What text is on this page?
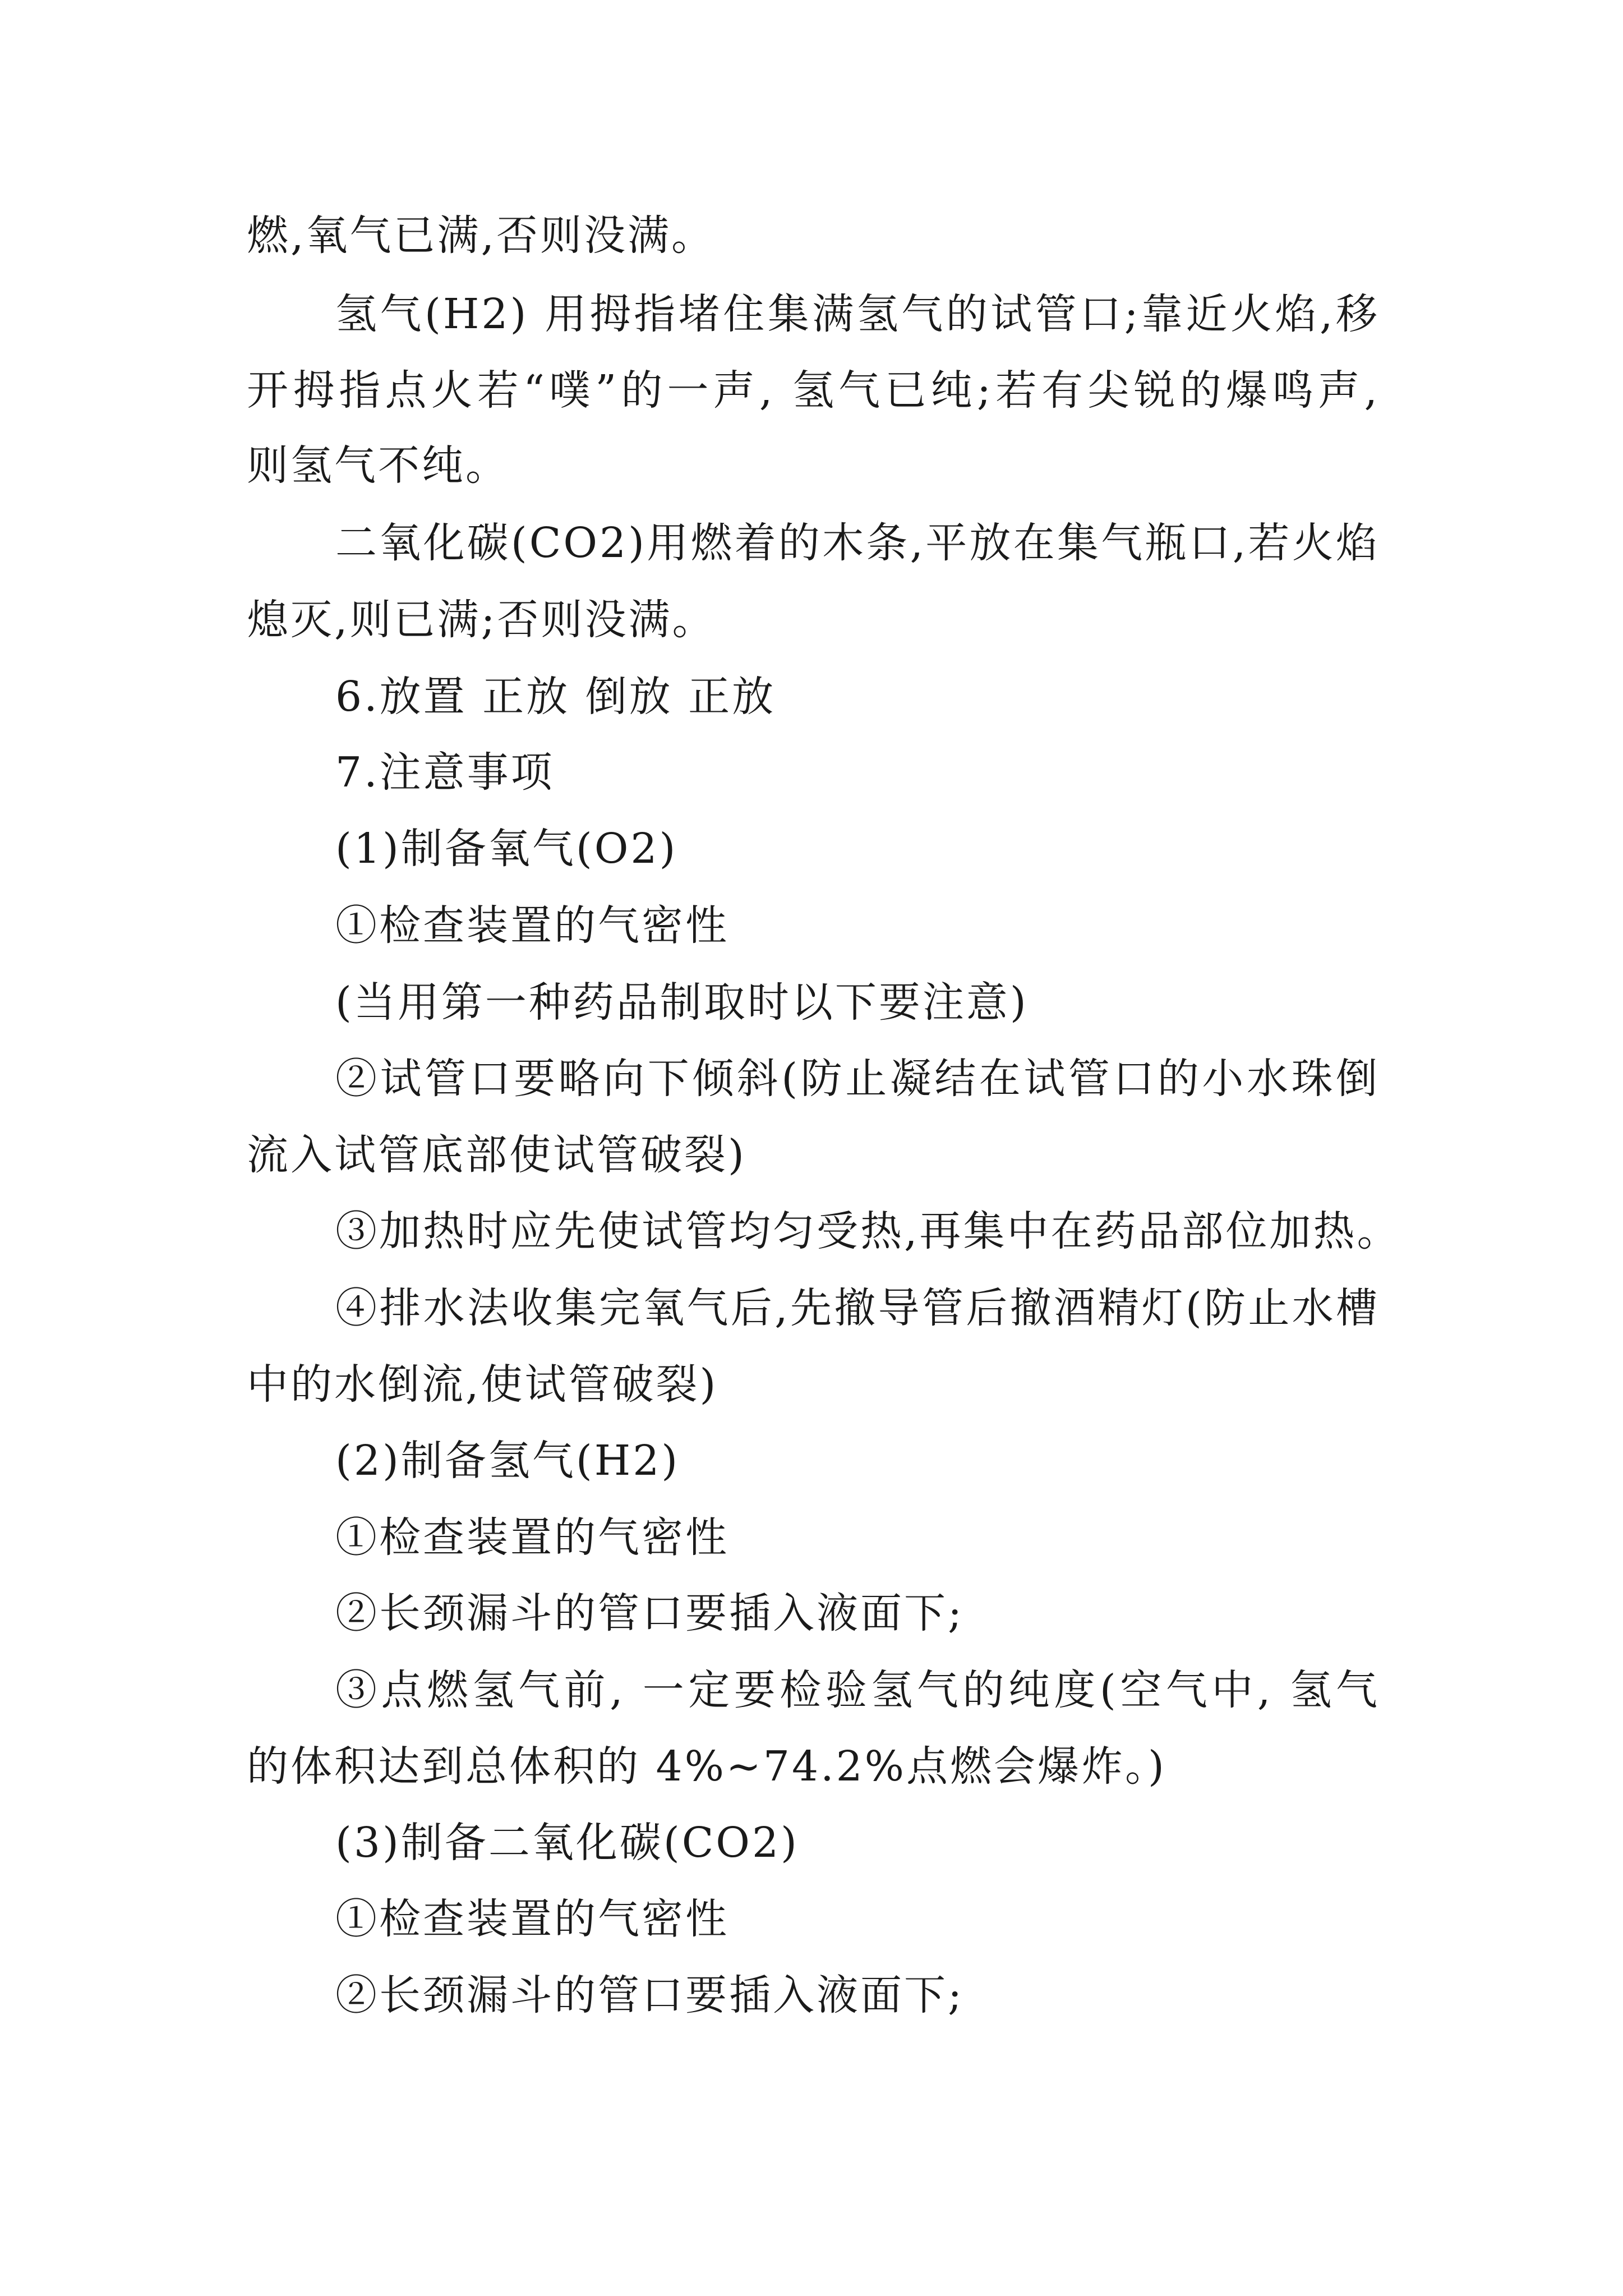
燃,氧气已满,否则没满。
氢气(H2) 用拇指堵住集满氢气的试管口;靠近火焰,移
开拇指点火若“噗”的一声, 氢气已纯;若有尖锐的爆鸣声,
则氢气不纯。
二氧化碳(CO2)用燃着的木条,平放在集气瓶口,若火焰
熄灭,则已满;否则没满。
6.放置 正放 倒放 正放
7.注意事项
(1)制备氧气(O2)
①检查装置的气密性
(当用第一种药品制取时以下要注意)
②试管口要略向下倾斜(防止凝结在试管口的小水珠倒
流入试管底部使试管破裂)
③加热时应先使试管均匀受热,再集中在药品部位加热。
④排水法收集完氧气后,先撤导管后撤酒精灯(防止水槽
中的水倒流,使试管破裂)
(2)制备氢气(H2)
①检查装置的气密性
②长颈漏斗的管口要插入液面下;
③点燃氢气前, 一定要检验氢气的纯度(空气中, 氢气
的体积达到总体积的 4%~74.2%点燃会爆炸。)
(3)制备二氧化碳(CO2)
①检查装置的气密性
②长颈漏斗的管口要插入液面下;
